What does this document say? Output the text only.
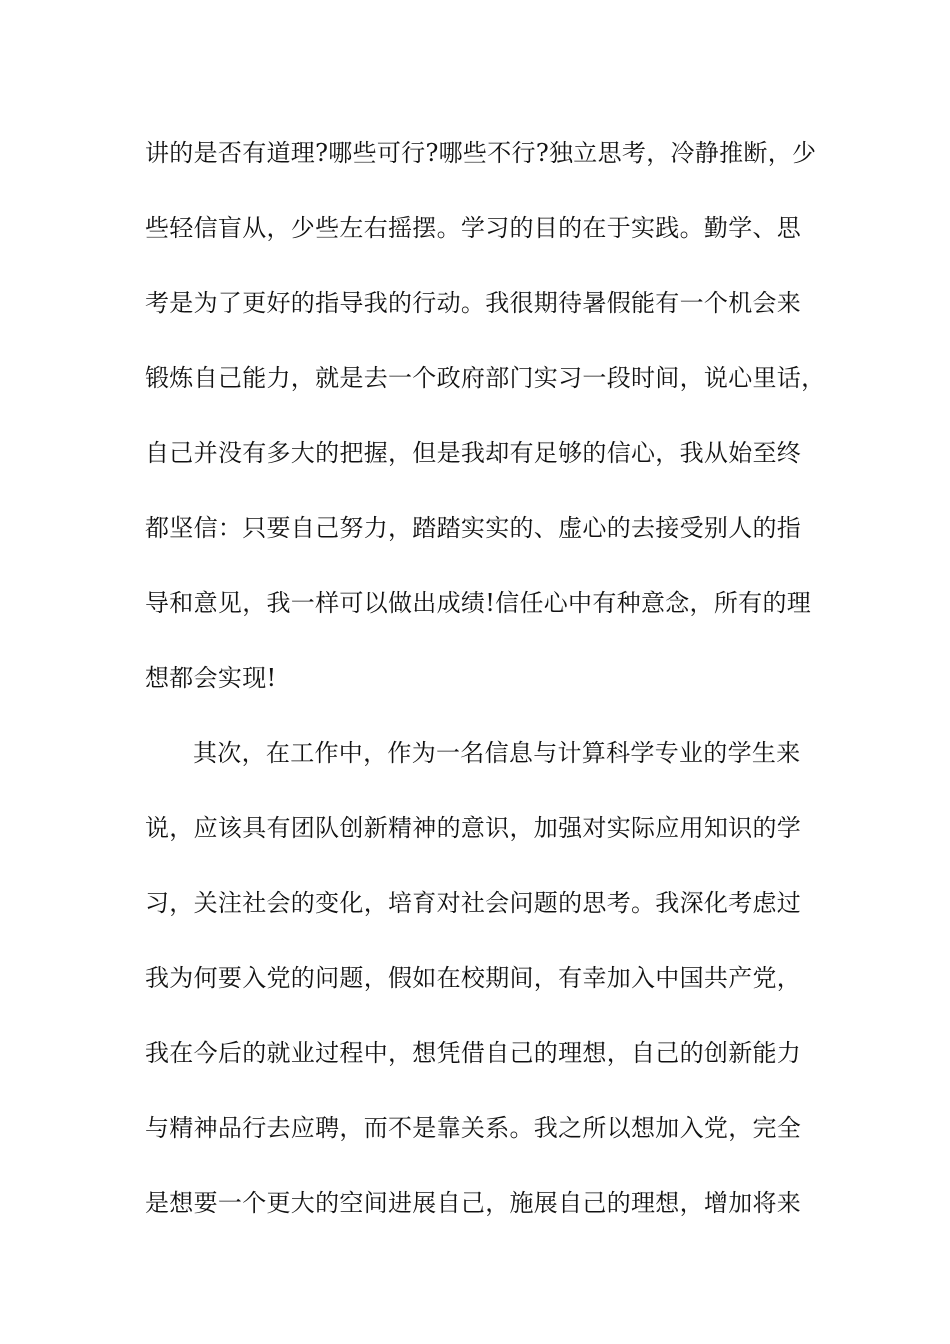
讲的是否有道理?哪些可行?哪些不行?独立思考，冷静推断，少
些轻信盲从，少些左右摇摆。学习的目的在于实践。勤学、思
考是为了更好的指导我的行动。我很期待暑假能有一个机会来
锻炼自己能力，就是去一个政府部门实习一段时间，说心里话，
自己并没有多大的把握，但是我却有足够的信心，我从始至终
都坚信：只要自己努力，踏踏实实的、虚心的去接受别人的指
导和意见，我一样可以做出成绩!信任心中有种意念，所有的理
想都会实现!
其次，在工作中，作为一名信息与计算科学专业的学生来
说，应该具有团队创新精神的意识，加强对实际应用知识的学
习，关注社会的变化，培育对社会问题的思考。我深化考虑过
我为何要入党的问题，假如在校期间，有幸加入中国共产党，
我在今后的就业过程中，想凭借自己的理想，自己的创新能力
与精神品行去应聘，而不是靠关系。我之所以想加入党，完全
是想要一个更大的空间进展自己，施展自己的理想，增加将来
